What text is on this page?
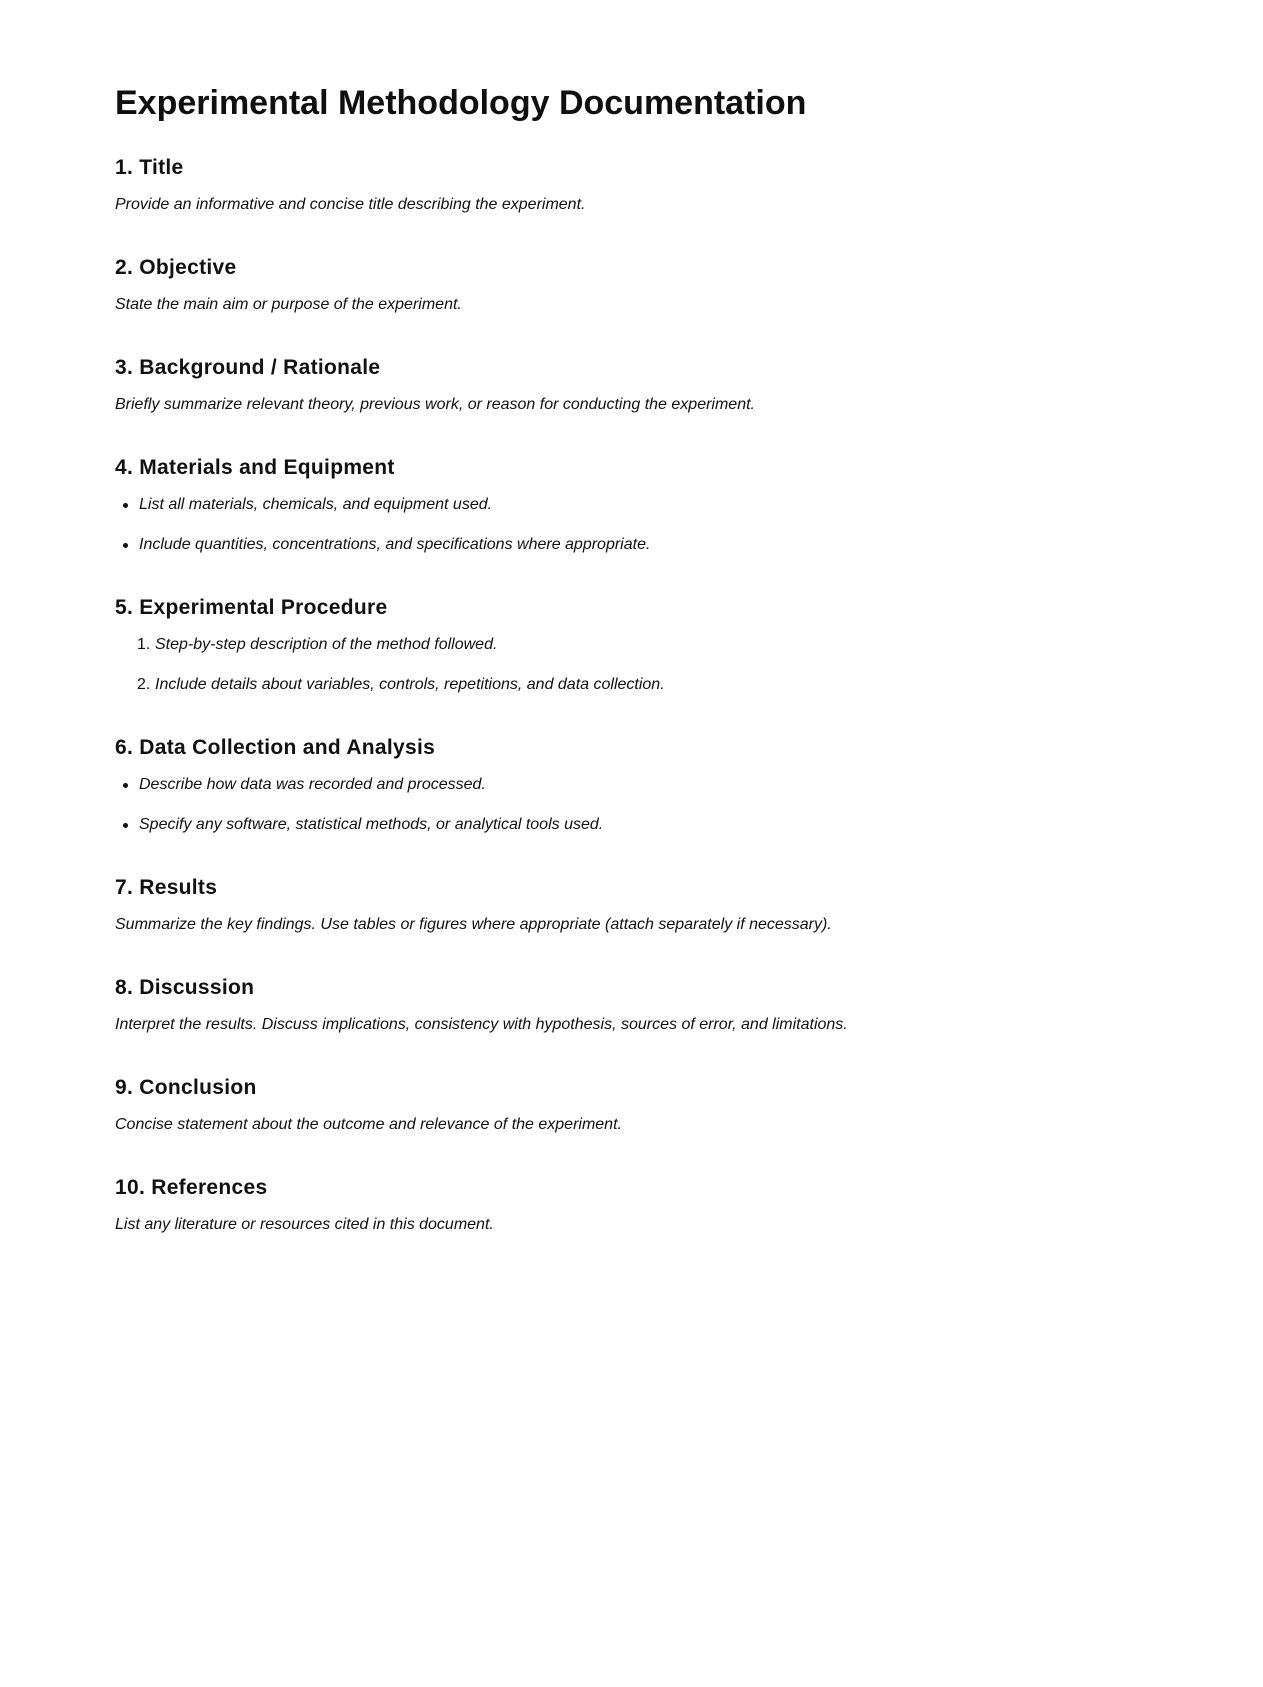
Experimental Methodology Documentation
1. Title

Provide an informative and concise title describing the experiment.

2. Objective

State the main aim or purpose of the experiment.

3. Background / Rationale

Briefly summarize relevant theory, previous work, or reason for conducting the experiment.

4. Materials and Equipment
List all materials, chemicals, and equipment used.
Include quantities, concentrations, and specifications where appropriate.
5. Experimental Procedure
1. Step-by-step description of the method followed.
2. Include details about variables, controls, repetitions, and data collection.
6. Data Collection and Analysis
Describe how data was recorded and processed.
Specify any software, statistical methods, or analytical tools used.
7. Results

Summarize the key findings. Use tables or figures where appropriate (attach separately if necessary).

8. Discussion

Interpret the results. Discuss implications, consistency with hypothesis, sources of error, and limitations.

9. Conclusion

Concise statement about the outcome and relevance of the experiment.

10. References

List any literature or resources cited in this document.
